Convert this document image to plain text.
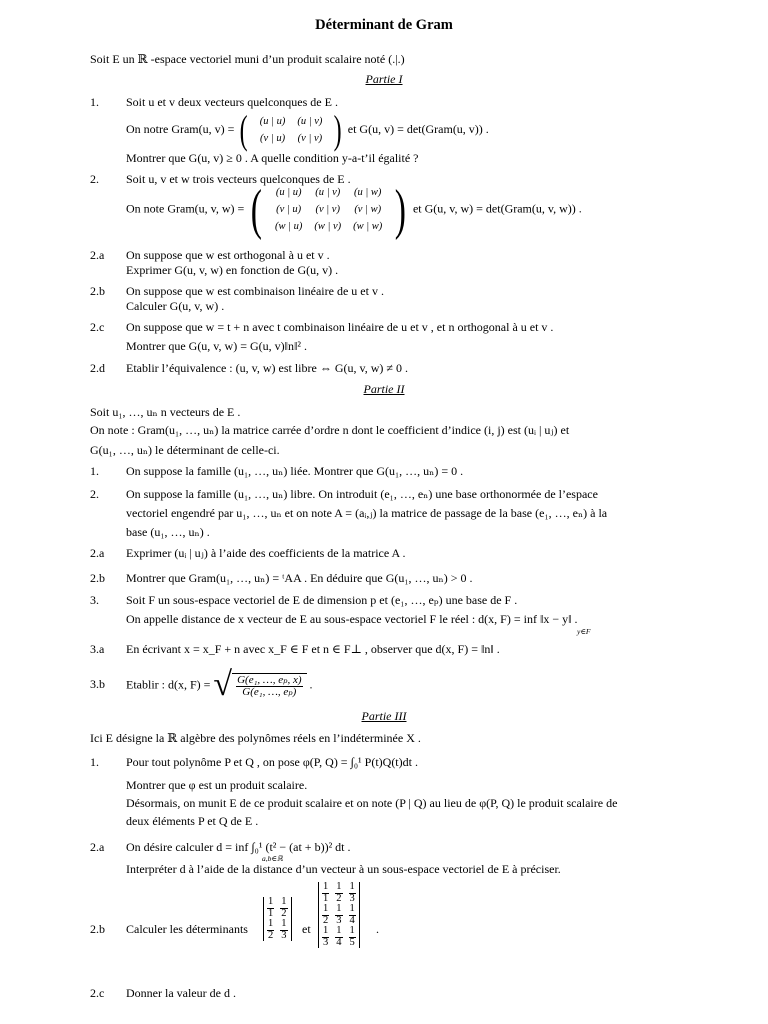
Déterminant de Gram
Soit E un ℝ -espace vectoriel muni d’un produit scalaire noté (.|.)
Partie I
1. Soit u et v deux vecteurs quelconques de E .
On notre Gram(u, v) = ( (u | u)	(u | v)
(v | u)	(v | v) ) et G(u, v) = det(Gram(u, v)) .
Montrer que G(u, v) ≥ 0 . A quelle condition y-a-t’il égalité ?
2. Soit u, v et w trois vecteurs quelconques de E .
On note Gram(u, v, w) = ( (u | u)	(u | v)	(u | w)
(v | u)	(v | v)	(v | w)
(w | u)	(w | v)	(w | w) ) et G(u, v, w) = det(Gram(u, v, w)) .
2.a On suppose que w est orthogonal à u et v .
Exprimer G(u, v, w) en fonction de G(u, v) .
2.b On suppose que w est combinaison linéaire de u et v .
Calculer G(u, v, w) .
2.c On suppose que w = t + n avec t combinaison linéaire de u et v , et n orthogonal à u et v .
Montrer que G(u, v, w) = G(u, v)‖n‖² .
2.d Etablir l’équivalence : (u, v, w) est libre ⇔ G(u, v, w) ≠ 0 .
Partie II
Soit u₁, …, uₙ n vecteurs de E .
On note : Gram(u₁, …, uₙ) la matrice carrée d’ordre n dont le coefficient d’indice (i, j) est (uᵢ | uⱼ) et
G(u₁, …, uₙ) le déterminant de celle-ci.
1. On suppose la famille (u₁, …, uₙ) liée. Montrer que G(u₁, …, uₙ) = 0 .
2. On suppose la famille (u₁, …, uₙ) libre. On introduit (e₁, …, eₙ) une base orthonormée de l’espace
vectoriel engendré par u₁, …, uₙ et on note A = (aᵢ,ⱼ) la matrice de passage de la base (e₁, …, eₙ) à la
base (u₁, …, uₙ) .
2.a Exprimer (uᵢ | uⱼ) à l’aide des coefficients de la matrice A .
2.b Montrer que Gram(u₁, …, uₙ) = ᵗAA . En déduire que G(u₁, …, uₙ) > 0 .
3. Soit F un sous-espace vectoriel de E de dimension p et (e₁, …, eₚ) une base de F .
On appelle distance de x vecteur de E au sous-espace vectoriel F le réel : d(x, F) = inf ‖x − y‖ .
y∈F
3.a En écrivant x = x_F + n avec x_F ∈ F et n ∈ F⊥ , observer que d(x, F) = ‖n‖ .
3.b Etablir : d(x, F) = √ $\frac{\text{G(e₁, …, eₚ, x)}}{\text{G(e₁, …, eₚ)}}$ .
Partie III
Ici E désigne la ℝ algèbre des polynômes réels en l’indéterminée X .
1. Pour tout polynôme P et Q , on pose φ(P, Q) = ∫₀¹ P(t)Q(t)dt .
Montrer que φ est un produit scalaire.
Désormais, on munit E de ce produit scalaire et on note (P | Q) au lieu de φ(P, Q) le produit scalaire de
deux éléments P et Q de E .
2.a On désire calculer d = inf ∫₀¹ (t² − (at + b))² dt .
a,b∈ℝ
Interpréter d à l’aide de la distance d’un vecteur à un sous-espace vectoriel de E à préciser.
2.b Calculer les déterminants
$\frac{1}{1}$	$\frac{1}{2}$

$\frac{1}{2}$	$\frac{1}{3}$ et
$\frac{1}{1}$	$\frac{1}{2}$	$\frac{1}{3}$

$\frac{1}{2}$	$\frac{1}{3}$	$\frac{1}{4}$

$\frac{1}{3}$	$\frac{1}{4}$	$\frac{1}{5}$ .
2.c Donner la valeur de d .
